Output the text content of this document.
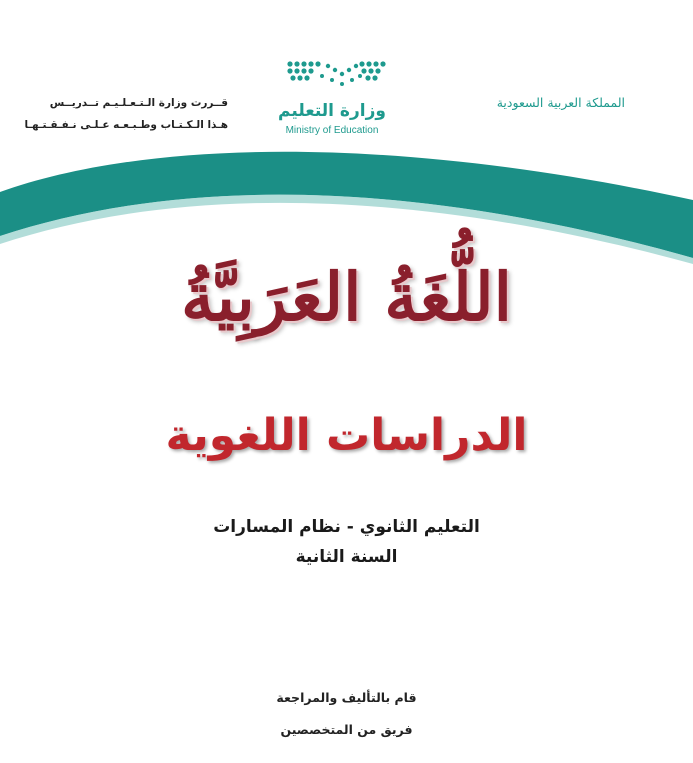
قــررت وزارة الـتـعـلـيـم تــدريــس
هـذا الـكـتـاب وطـبـعـه عـلـى نـفـقـتـهـا
وزارة التعليم
Ministry of Education
المملكة العربية السعودية
اللُّغَةُ العَرَبِيَّةُ
الدراسات اللغوية
التعليم الثانوي - نظام المسارات
السنة الثانية
قام بالتأليف والمراجعة
فريق من المتخصصين
